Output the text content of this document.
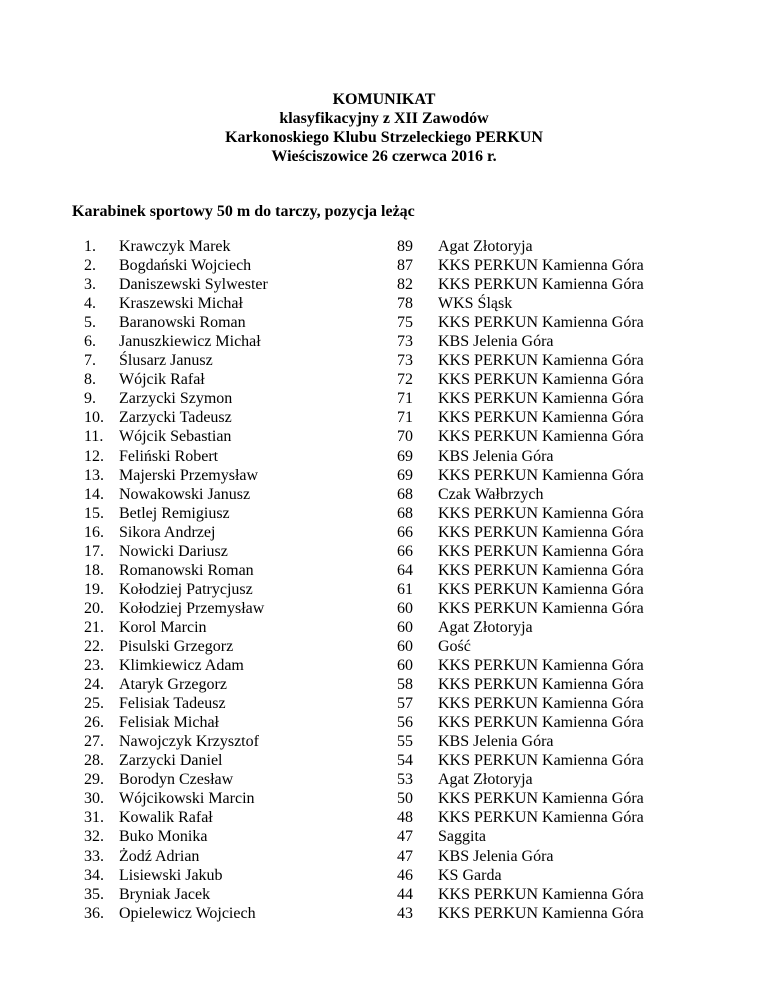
KOMUNIKAT
klasyfikacyjny z XII Zawodów
Karkonoskiego Klubu Strzeleckiego PERKUN
Wieściszowice 26 czerwca 2016 r.
Karabinek sportowy 50 m do tarczy, pozycja leżąc
1.	Krawczyk Marek	89 Agat Złotoryja
2.	Bogdański Wojciech	87 KKS PERKUN Kamienna Góra
3.	Daniszewski Sylwester	82 KKS PERKUN Kamienna Góra
4.	Kraszewski Michał	78 WKS Śląsk
5.	Baranowski Roman	75 KKS PERKUN Kamienna Góra
6.	Januszkiewicz Michał	73 KBS Jelenia Góra
7.	Ślusarz Janusz	73 KKS PERKUN Kamienna Góra
8.	Wójcik Rafał	72 KKS PERKUN Kamienna Góra
9.	Zarzycki Szymon	71 KKS PERKUN Kamienna Góra
10. Zarzycki Tadeusz	71 KKS PERKUN Kamienna Góra
11. Wójcik Sebastian	70 KKS PERKUN Kamienna Góra
12. Feliński Robert	69 KBS Jelenia Góra
13. Majerski Przemysław	69 KKS PERKUN Kamienna Góra
14. Nowakowski Janusz	68 Czak Wałbrzych
15. Betlej Remigiusz	68 KKS PERKUN Kamienna Góra
16. Sikora Andrzej	66 KKS PERKUN Kamienna Góra
17. Nowicki Dariusz	66 KKS PERKUN Kamienna Góra
18. Romanowski Roman	64 KKS PERKUN Kamienna Góra
19. Kołodziej Patrycjusz	61 KKS PERKUN Kamienna Góra
20. Kołodziej Przemysław	60 KKS PERKUN Kamienna Góra
21. Korol Marcin	60 Agat Złotoryja
22. Pisulski Grzegorz	60 Gość
23. Klimkiewicz Adam	60 KKS PERKUN Kamienna Góra
24. Ataryk Grzegorz	58 KKS PERKUN Kamienna Góra
25. Felisiak Tadeusz	57 KKS PERKUN Kamienna Góra
26. Felisiak Michał	56 KKS PERKUN Kamienna Góra
27. Nawojczyk Krzysztof	55 KBS Jelenia Góra
28. Zarzycki Daniel	54 KKS PERKUN Kamienna Góra
29. Borodyn Czesław	53 Agat Złotoryja
30. Wójcikowski Marcin	50 KKS PERKUN Kamienna Góra
31. Kowalik Rafał	48 KKS PERKUN Kamienna Góra
32. Buko Monika	47 Saggita
33. Żodź Adrian	47 KBS Jelenia Góra
34. Lisiewski Jakub	46 KS Garda
35. Bryniak Jacek	44 KKS PERKUN Kamienna Góra
36. Opielewicz Wojciech	43 KKS PERKUN Kamienna Góra
